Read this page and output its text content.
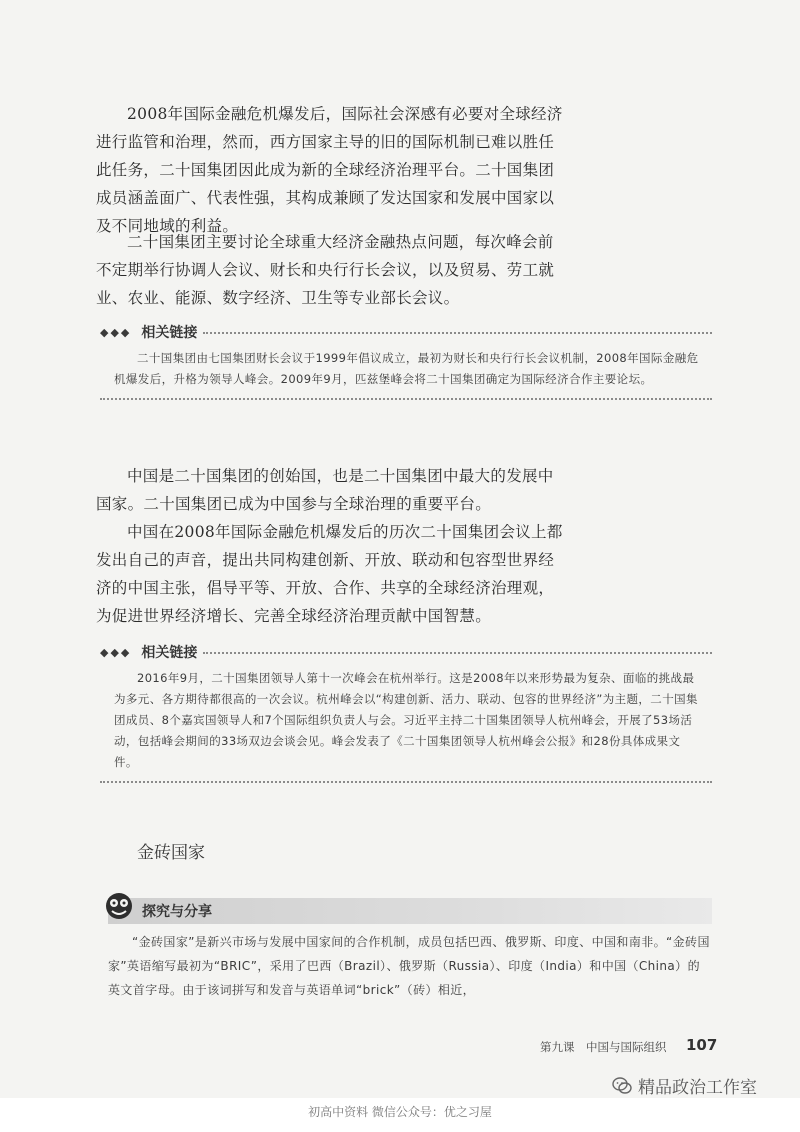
2008年国际金融危机爆发后，国际社会深感有必要对全球经济进行监管和治理，然而，西方国家主导的旧的国际机制已难以胜任此任务，二十国集团因此成为新的全球经济治理平台。二十国集团成员涵盖面广、代表性强，其构成兼顾了发达国家和发展中国家以及不同地域的利益。
二十国集团主要讨论全球重大经济金融热点问题，每次峰会前不定期举行协调人会议、财长和央行行长会议，以及贸易、劳工就业、农业、能源、数字经济、卫生等专业部长会议。
◆◆◆ 相关链接
二十国集团由七国集团财长会议于1999年倡议成立，最初为财长和央行行长会议机制，2008年国际金融危机爆发后，升格为领导人峰会。2009年9月，匹兹堡峰会将二十国集团确定为国际经济合作主要论坛。
中国是二十国集团的创始国，也是二十国集团中最大的发展中国家。二十国集团已成为中国参与全球治理的重要平台。
中国在2008年国际金融危机爆发后的历次二十国集团会议上都发出自己的声音，提出共同构建创新、开放、联动和包容型世界经济的中国主张，倡导平等、开放、合作、共享的全球经济治理观，为促进世界经济增长、完善全球经济治理贡献中国智慧。
◆◆◆ 相关链接
2016年9月，二十国集团领导人第十一次峰会在杭州举行。这是2008年以来形势最为复杂、面临的挑战最为多元、各方期待都很高的一次会议。杭州峰会以“构建创新、活力、联动、包容的世界经济”为主题，二十国集团成员、8个嘉宾国领导人和7个国际组织负责人与会。习近平主持二十国集团领导人杭州峰会，开展了53场活动，包括峰会期间的33场双边会谈会见。峰会发表了《二十国集团领导人杭州峰会公报》和28份具体成果文件。
金砖国家
探究与分享
“金砖国家”是新兴市场与发展中国家间的合作机制，成员包括巴西、俄罗斯、印度、中国和南非。“金砖国家”英语缩写最初为“BRIC”，采用了巴西（Brazil）、俄罗斯（Russia）、印度（India）和中国（China）的英文首字母。由于该词拼写和发音与英语单词“brick”（砖）相近，
第九课　中国与国际组织 107
精品政治工作室
初高中资料 微信公众号：优之习屋
